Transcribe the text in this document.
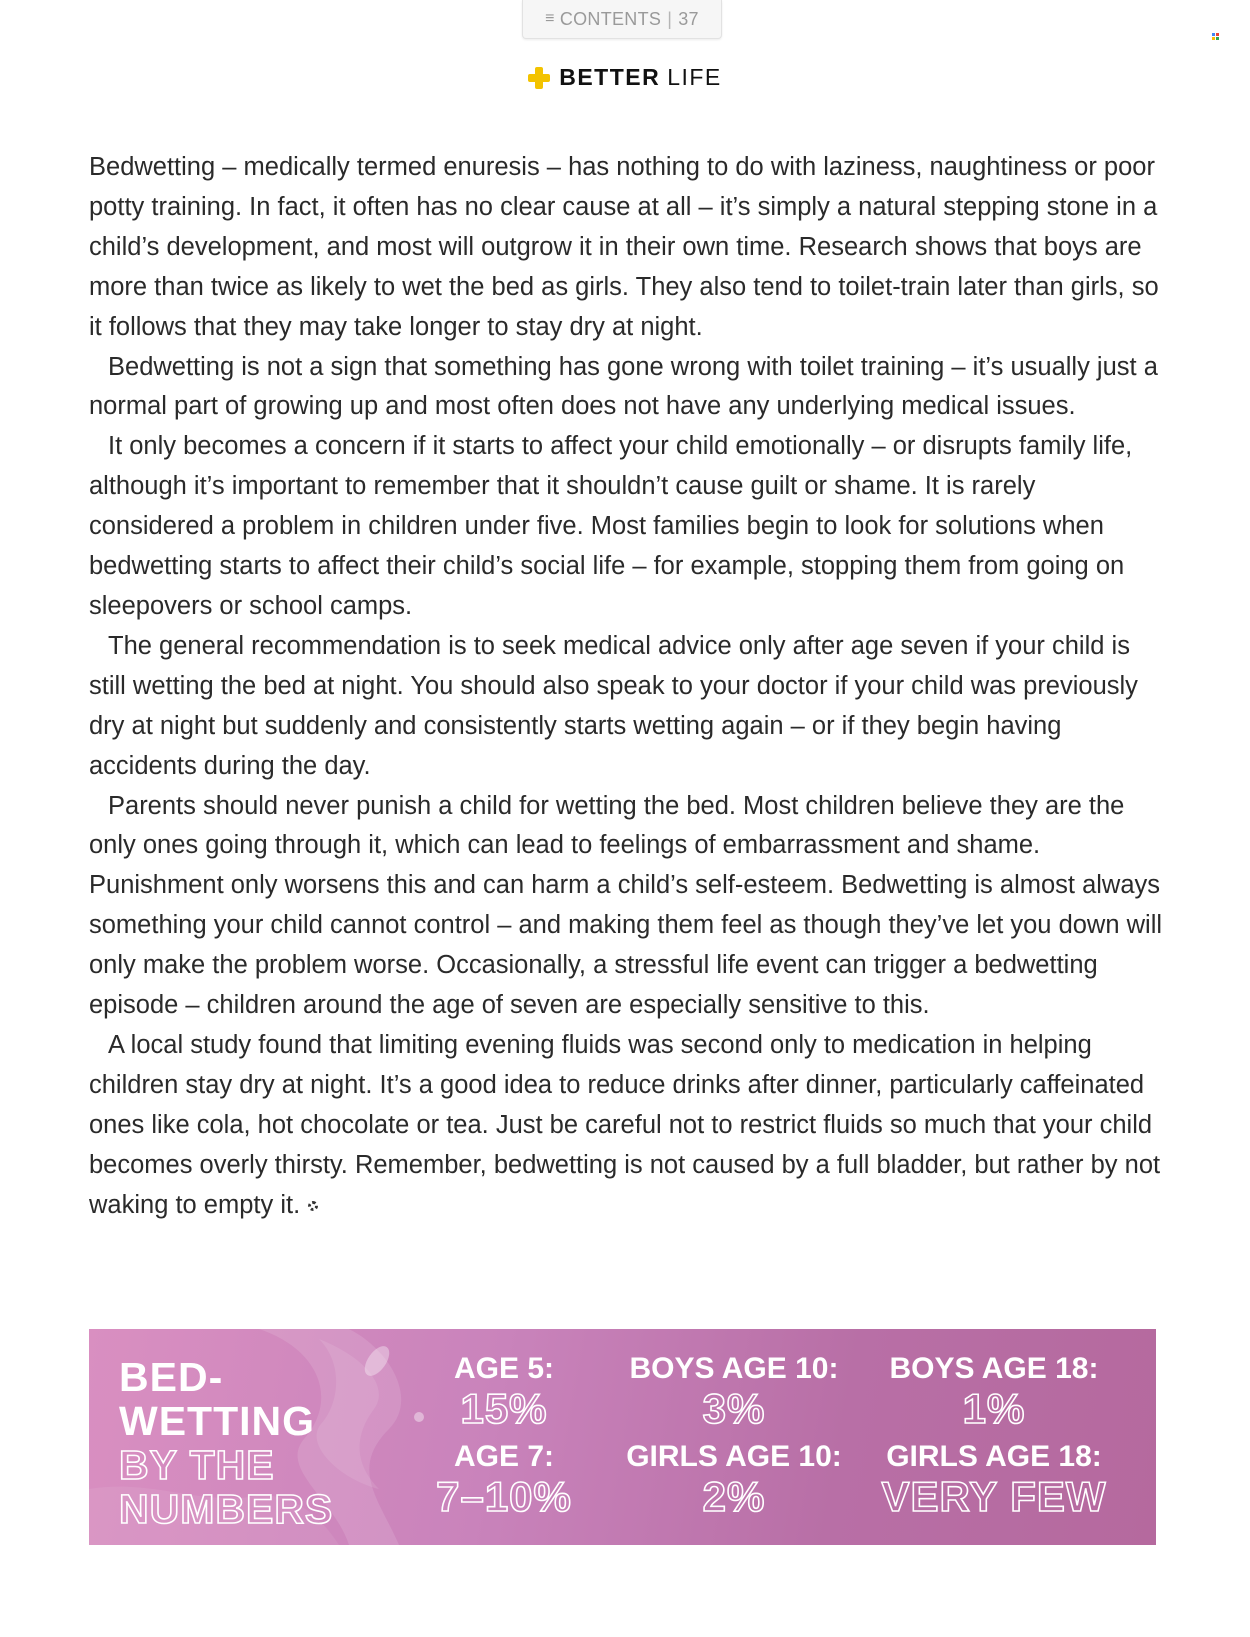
≡ CONTENTS | 37
BETTER LIFE

Bedwetting – medically termed enuresis – has nothing to do with laziness, naughtiness or poor potty training. In fact, it often has no clear cause at all – it’s simply a natural stepping stone in a child’s development, and most will outgrow it in their own time. Research shows that boys are more than twice as likely to wet the bed as girls. They also tend to toilet-train later than girls, so it follows that they may take longer to stay dry at night.

Bedwetting is not a sign that something has gone wrong with toilet training – it’s usually just a normal part of growing up and most often does not have any underlying medical issues.

It only becomes a concern if it starts to affect your child emotionally – or disrupts family life, although it’s important to remember that it shouldn’t cause guilt or shame. It is rarely considered a problem in children under five. Most families begin to look for solutions when bedwetting starts to affect their child’s social life – for example, stopping them from going on sleepovers or school camps.

The general recommendation is to seek medical advice only after age seven if your child is still wetting the bed at night. You should also speak to your doctor if your child was previously dry at night but suddenly and consistently starts wetting again – or if they begin having accidents during the day.

Parents should never punish a child for wetting the bed. Most children believe they are the only ones going through it, which can lead to feelings of embarrassment and shame. Punishment only worsens this and can harm a child’s self-esteem. Bedwetting is almost always something your child cannot control – and making them feel as though they’ve let you down will only make the problem worse. Occasionally, a stressful life event can trigger a bedwetting episode – children around the age of seven are especially sensitive to this.

A local study found that limiting evening fluids was second only to medication in helping children stay dry at night. It’s a good idea to reduce drinks after dinner, particularly caffeinated ones like cola, hot chocolate or tea. Just be careful not to restrict fluids so much that your child becomes overly thirsty. Remember, bedwetting is not caused by a full bladder, but rather by not waking to empty it.

BED-
WETTING
BY THE
NUMBERS
AGE 5:
15%
AGE 7:
7–10%
BOYS AGE 10:
3%
GIRLS AGE 10:
2%
BOYS AGE 18:
1%
GIRLS AGE 18:
VERY FEW
